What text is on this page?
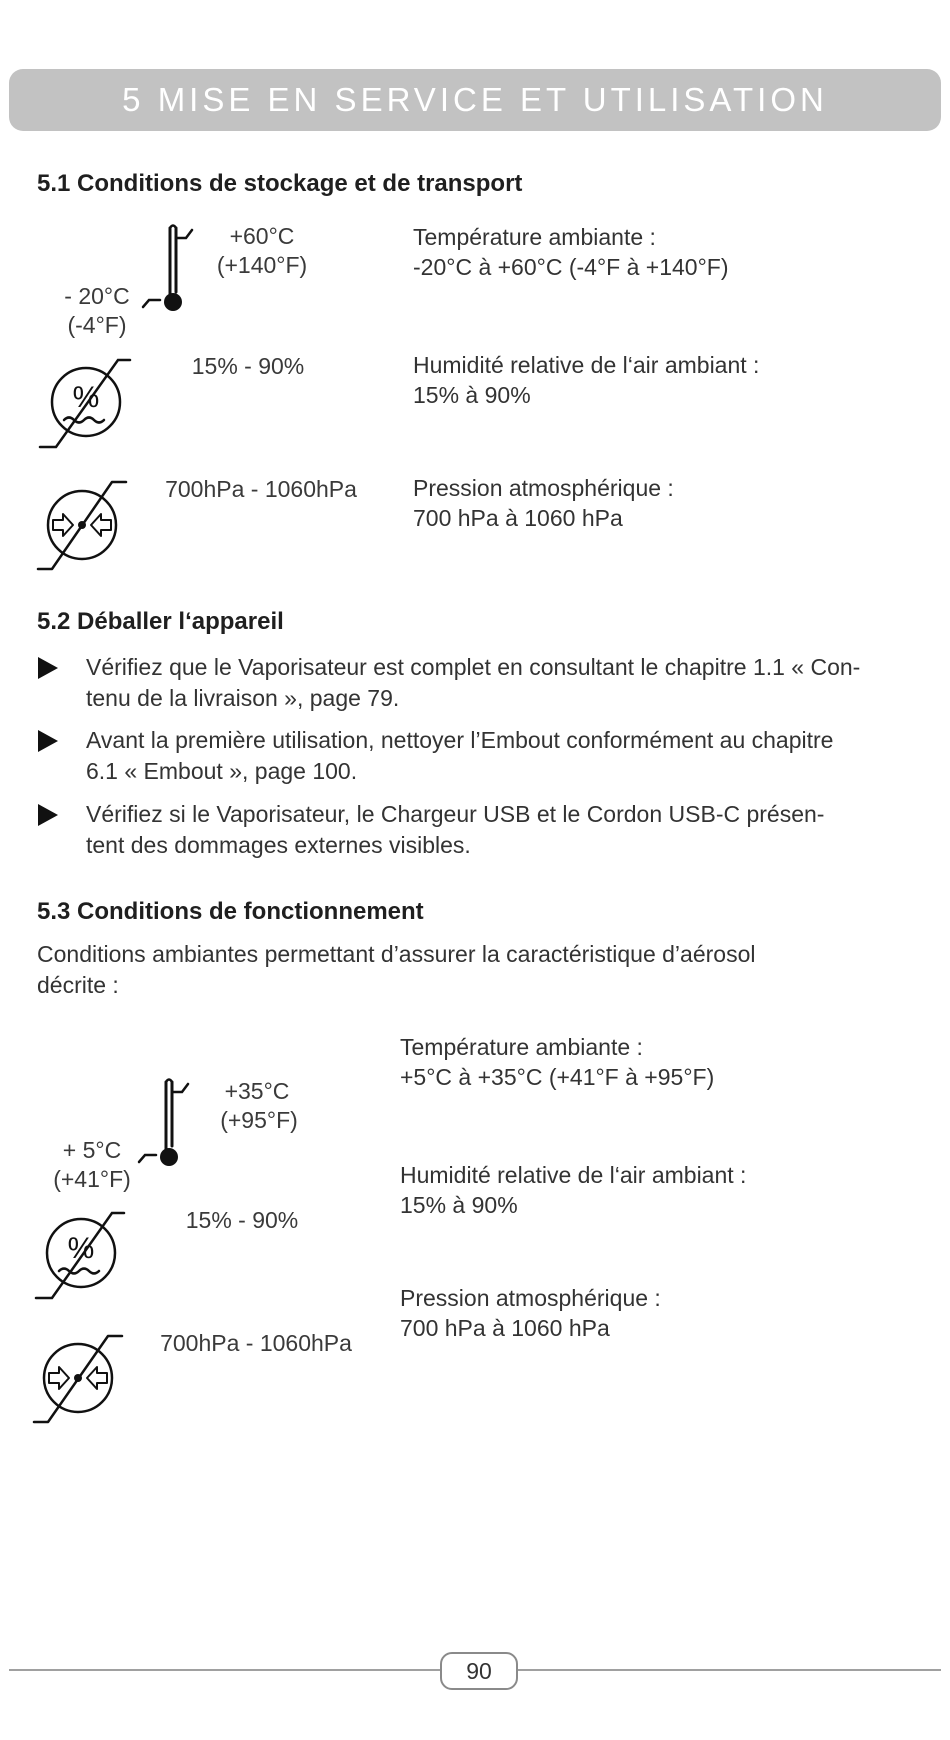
5 MISE EN SERVICE ET UTILISATION
5.1 Conditions de stockage et de transport
+60°C
(+140°F)
- 20°C
(-4°F)
Température ambiante :
-20°C à +60°C (-4°F à +140°F)
%
15% - 90%	Humidité relative de l‘air ambiant :
15% à 90%
700hPa - 1060hPa	Pression atmosphérique :
700 hPa à 1060 hPa
5.2 Déballer l‘appareil
Vérifiez que le Vaporisateur est complet en consultant le chapitre 1.1 « Con-
tenu de la livraison », page 79.
Avant la première utilisation, nettoyer l’Embout conformément au chapitre
6.1 « Embout », page 100.
Vérifiez si le Vaporisateur, le Chargeur USB et le Cordon USB-C présen-
tent des dommages externes visibles.
5.3 Conditions de fonctionnement
Conditions ambiantes permettant d’assurer la caractéristique d’aérosol
décrite :
+35°C
(+95°F)
+ 5°C
(+41°F)
Température ambiante :
+5°C à +35°C (+41°F à +95°F)
%
15% - 90%
Humidité relative de l‘air ambiant :
15% à 90%
700hPa - 1060hPa
Pression atmosphérique :
700 hPa à 1060 hPa
90
